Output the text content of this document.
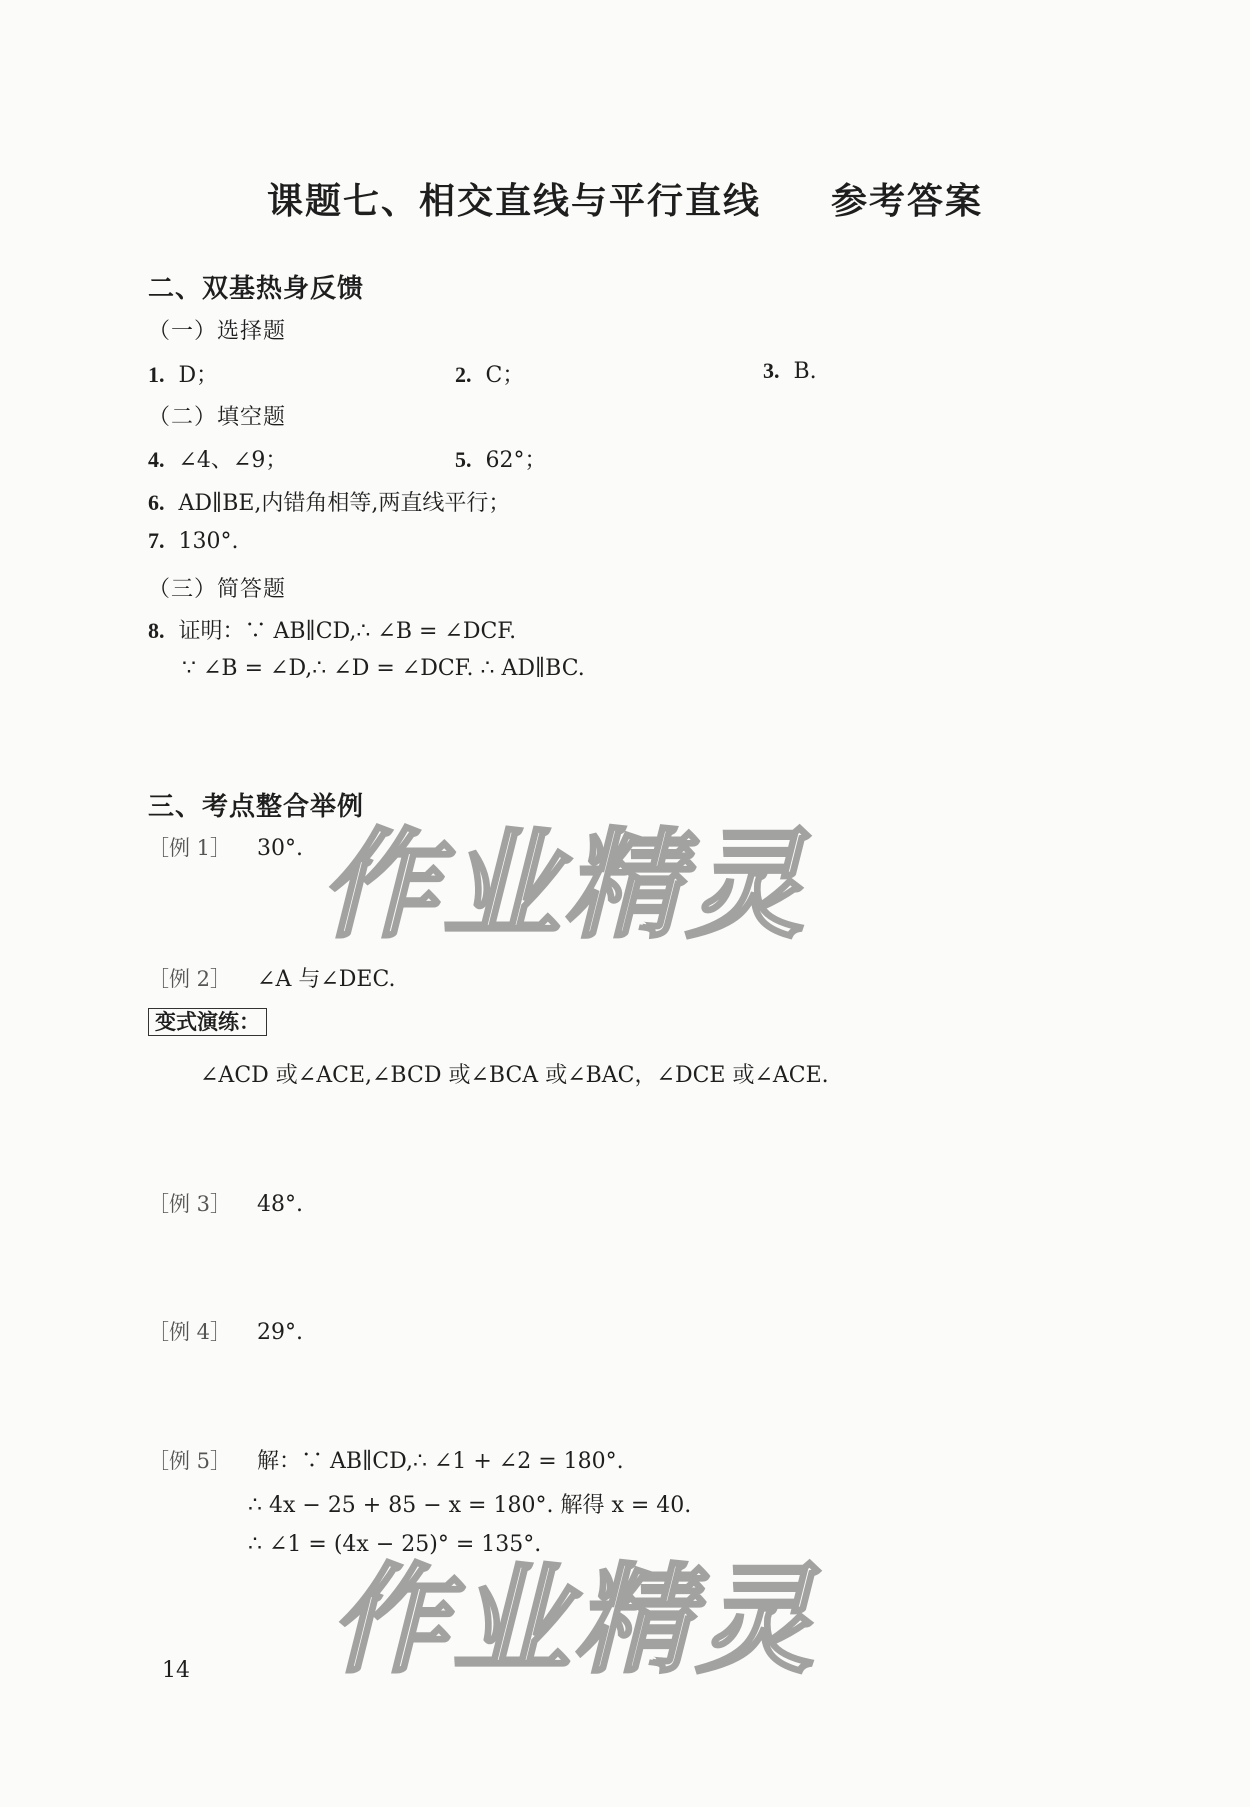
课题七、相交直线与平行直线 参考答案
二、双基热身反馈
（一）选择题
1. D；	2. C；	3. B.
（二）填空题
4. ∠4、∠9；	5. 62°；
6. AD∥BE,内错角相等,两直线平行；
7. 130°.
（三）简答题
8. 证明：∵ AB∥CD,∴ ∠B = ∠DCF.
∵ ∠B = ∠D,∴ ∠D = ∠DCF. ∴ AD∥BC.
三、考点整合举例
［例 1］ 30°.
［例 2］ ∠A 与∠DEC.
变式演练：
∠ACD 或∠ACE,∠BCD 或∠BCA 或∠BAC，∠DCE 或∠ACE.
［例 3］ 48°.
［例 4］ 29°.
［例 5］ 解：∵ AB∥CD,∴ ∠1 + ∠2 = 180°.
∴ 4x − 25 + 85 − x = 180°. 解得 x = 40.
∴ ∠1 = (4x − 25)° = 135°.
作业精灵
作业精灵
14
